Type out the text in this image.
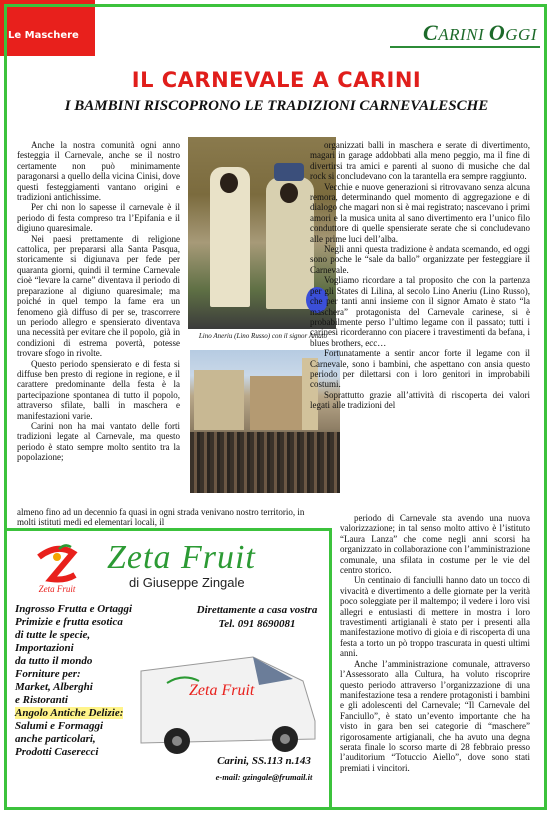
Le Maschere	CARINI OGGI
IL CARNEVALE A CARINI
I BAMBINI RISCOPRONO LE TRADIZIONI CARNEVALESCHE

Anche la nostra comunità ogni anno festeggia il Carnevale, anche se il nostro certamente non può minimamente paragonarsi a quello della vicina Cinisi, dove questi festeggiamenti vantano origini e tradizioni antichissime.

Per chi non lo sapesse il carnevale è il periodo di festa compreso tra l’Epifania e il digiuno quaresimale.

Nei paesi prettamente di religione cattolica, per prepararsi alla Santa Pasqua, storicamente si digiunava per fede per quaranta giorni, quindi il termine Carnevale cioè “levare la carne” diventava il periodo di preparazione al digiuno quaresimale; ma poiché in quel tempo la fame era un fenomeno già diffuso di per se, trascorrere un periodo allegro e spensierato diventava una necessità per evitare che il popolo, già in condizioni di estrema povertà, potesse trovare sfogo in rivolte.

Questo periodo spensierato e di festa si diffuse ben presto di regione in regione, e il carattere predominante della festa è la partecipazione spontanea di tutto il popolo, attraverso sfilate, balli in maschera e manifestazioni varie.

Carini non ha mai vantato delle forti tradizioni legate al Carnevale, ma questo periodo è stato sempre molto sentito tra la popolazione;

Lino Aneriu (Lino Russo) con il signor Amato

organizzati balli in maschera e serate di divertimento, magari in garage addobbati alla meno peggio, ma il fine di divertirsi tra amici e parenti al suono di musiche che dal rock si concludevano con la tarantella era sempre raggiunto.

Vecchie e nuove generazioni si ritrovavano senza alcuna remora, determinando quel momento di aggregazione e di dialogo che magari non si è mai registrato; nascevano i primi amori e la musica unita al sano divertimento era l’unico filo conduttore di quelle spensierate serate che si concludevano alle prime luci dell’alba.

Negli anni questa tradizione è andata scemando, ed oggi sono poche le “sale da ballo” organizzate per festeggiare il Carnevale.

Vogliamo ricordare a tal proposito che con la partenza per gli States di Lilina, al secolo Lino Aneriu (Lino Russo), che per tanti anni insieme con il signor Amato è stato “la maschera” protagonista del Carnevale carinese, si è probabilmente perso l’ultimo legame con il passato; tutti i carinesi ricorderanno con piacere i travestimenti da befana, i blues brothers, ecc…

Fortunatamente a sentir ancor forte il legame con il Carnevale, sono i bambini, che aspettano con ansia questo periodo per dilettarsi con i loro genitori in improbabili costumi.

Soprattutto grazie all’attività di riscoperta dei valori legati alle tradizioni del

almeno fino ad un decennio fa quasi in ogni strada venivano nostro territorio, in molti istituti medi ed elementari locali, il	periodo di Carnevale sta avendo una nuova valorizzazione; in tal senso molto attivo è l’istituto “Laura Lanza” che come negli anni scorsi ha organizzato in collaborazione con l’amministrazione comunale, una sfilata in costume per le vie del centro storico.

Un centinaio di fanciulli hanno dato un tocco di vivacità e divertimento a delle giornate per la verità poco soleggiate per il maltempo; il vedere i loro visi allegri e entusiasti di mettere in mostra i loro travestimenti artigianali è stato per i presenti alla manifestazione motivo di gioia e di riscoperta di una festa a torto un pò troppo trascurata in questi ultimi anni.

Anche l’amministrazione comunale, attraverso l’Assessorato alla Cultura, ha voluto riscoprire questo periodo attraverso l’organizzazione di una manifestazione tesa a rendere protagonisti i bambini e gli adolescenti del Carnevale; “Il Carnevale del Fanciullo”, è stato un’evento importante che ha visto in gara ben sei categorie di “maschere” rigorosamente artigianali, che ha avuto una degna serata finale lo scorso marte di 28 febbraio presso l’auditorium “Totuccio Aiello”, dove sono stati premiati i vincitori.

Zeta Fruit
Zeta Fruit
di Giuseppe Zingale
Ingrosso Frutta e Ortaggi
Primizie e frutta esotica
di tutte le specie,
Importazioni
da tutto il mondo
Forniture per:
Market, Alberghi
e Ristoranti
Angolo Antiche Delizie:
Salumi e Formaggi
anche particolari,
Prodotti Caserecci
Direttamente a casa vostra
Tel. 091 8690081
Zeta Fruit
Carini, SS.113 n.143
e-mail: gzingale@frumail.it
